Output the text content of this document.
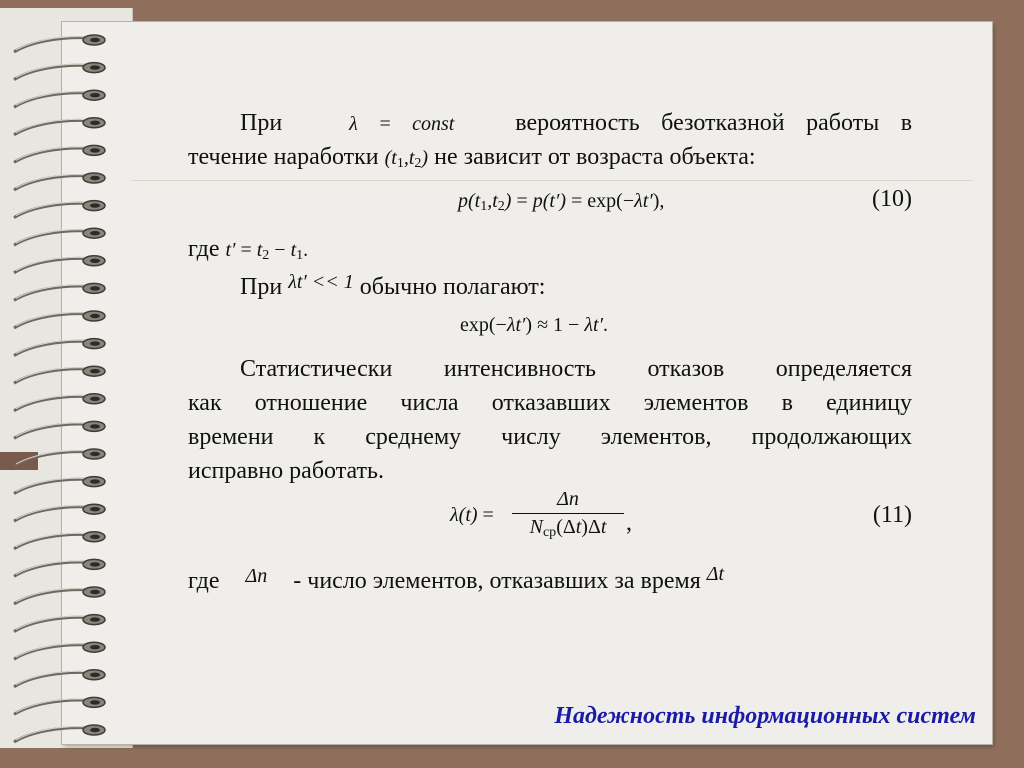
При	λ = const	вероятность безотказной работы в
течение наработки $(t_1,t_2)$ не зависит от возраста объекта:
$p(t_1,t_2) = p(t') = \exp(-\lambda t')$,	(10)
где $t' = t_2 - t_1$.
При $^{\lambda t' << 1}$ обычно полагают:
exp(−λt′) ≈ 1 − λt′.
Статистически интенсивность отказов определяется
как отношение числа отказавших элементов в единицу
времени к среднему числу элементов, продолжающих
исправно работать.
λ(t) =
Δn
$N_{ср}(\Delta t)\Delta t$ ,	(11)
где $^{\Delta n}$ - число элементов, отказавших за время $^{\Delta t}$
Надежность информационных систем
